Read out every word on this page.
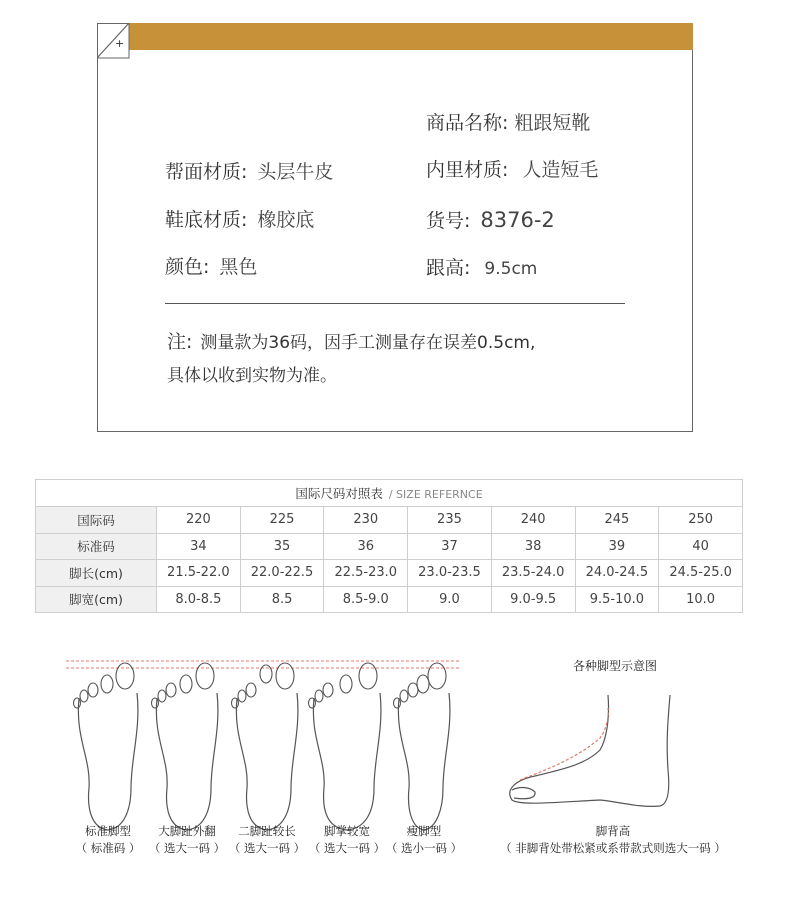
+
商品名称: 粗跟短靴
帮面材质: 头层牛皮	内里材质: 人造短毛
鞋底材质: 橡胶底	货号: 8376-2
颜色: 黑色	跟高: 9.5cm
注: 测量款为36码，因手工测量存在误差0.5cm,
具体以收到实物为准。
国际尺码对照表 / SIZE REFERNCE							
国际码	220	225	230	235	240	245	250
标准码	34	35	36	37	38	39	40
脚长(cm)	21.5-22.0	22.0-22.5	22.5-23.0	23.0-23.5	23.5-24.0	24.0-24.5	24.5-25.0
脚宽(cm)	8.0-8.5	8.5	8.5-9.0	9.0	9.0-9.5	9.5-10.0	10.0
各种脚型示意图
标准脚型
（ 标准码 ）
大脚趾外翻
（ 选大一码 ）
二脚趾较长
（ 选大一码 ）
脚掌较宽
（ 选大一码 ）
瘦脚型
（ 选小一码 ）
脚背高
（ 非脚背处带松紧或系带款式则选大一码 ）
